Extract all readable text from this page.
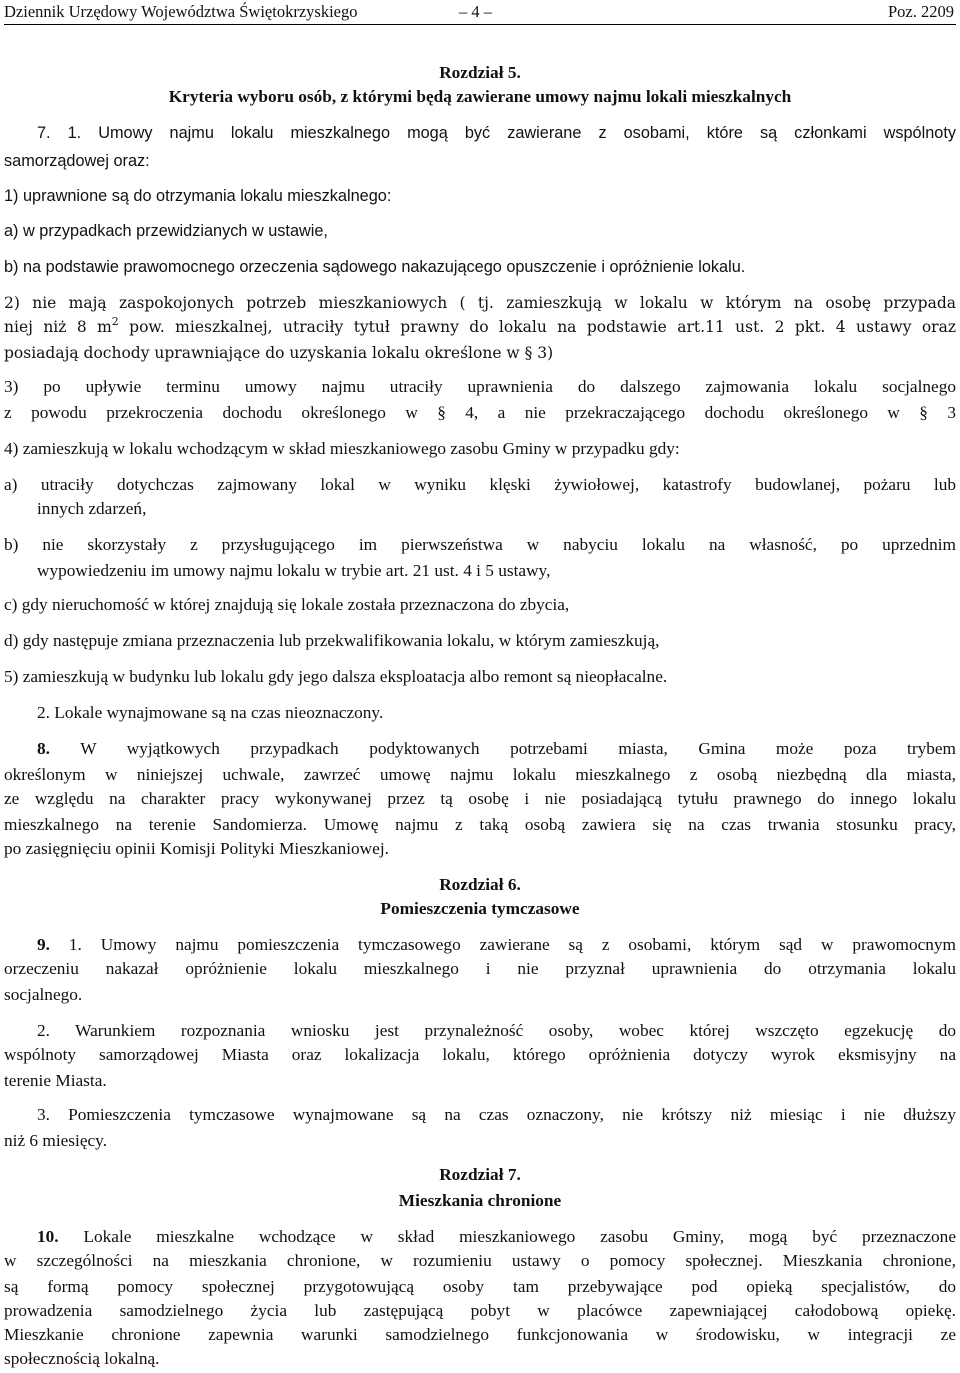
Dziennik Urzędowy Województwa Świętokrzyskiego	– 4 –	Poz. 2209
Rozdział 5.
Kryteria wyboru osób, z którymi będą zawierane umowy najmu lokali mieszkalnych
7. 1. Umowy najmu lokalu mieszkalnego mogą być zawierane z osobami, które są członkami wspólnoty
samorządowej oraz:
1) uprawnione są do otrzymania lokalu mieszkalnego:
a) w przypadkach przewidzianych w ustawie,
b) na podstawie prawomocnego orzeczenia sądowego nakazującego opuszczenie i opróżnienie lokalu.
2) nie mają zaspokojonych potrzeb mieszkaniowych ( tj. zamieszkują w lokalu w którym na osobę przypada
niej niż 8 $m^2$ pow. mieszkalnej, utraciły tytuł prawny do lokalu na podstawie art.11 ust. 2 pkt. 4 ustawy oraz
posiadają dochody uprawniające do uzyskania lokalu określone w § 3)
3) po upływie terminu umowy najmu utraciły uprawnienia do dalszego zajmowania lokalu socjalnego
z powodu przekroczenia dochodu określonego w § 4, a nie przekraczającego dochodu określonego w § 3
4) zamieszkują w lokalu wchodzącym w skład mieszkaniowego zasobu Gminy w przypadku gdy:
a) utraciły dotychczas zajmowany lokal w wyniku klęski żywiołowej, katastrofy budowlanej, pożaru lub
innych zdarzeń,
b) nie skorzystały z przysługującego im pierwszeństwa w nabyciu lokalu na własność, po uprzednim
wypowiedzeniu im umowy najmu lokalu w trybie art. 21 ust. 4 i 5 ustawy,
c) gdy nieruchomość w której znajdują się lokale została przeznaczona do zbycia,
d) gdy następuje zmiana przeznaczenia lub przekwalifikowania lokalu, w którym zamieszkują,
5) zamieszkują w budynku lub lokalu gdy jego dalsza eksploatacja albo remont są nieopłacalne.
2. Lokale wynajmowane są na czas nieoznaczony.
8. W wyjątkowych przypadkach podyktowanych potrzebami miasta, Gmina może poza trybem
określonym w niniejszej uchwale, zawrzeć umowę najmu lokalu mieszkalnego z osobą niezbędną dla miasta,
ze względu na charakter pracy wykonywanej przez tą osobę i nie posiadającą tytułu prawnego do innego lokalu
mieszkalnego na terenie Sandomierza. Umowę najmu z taką osobą zawiera się na czas trwania stosunku pracy,
po zasięgnięciu opinii Komisji Polityki Mieszkaniowej.
Rozdział 6.
Pomieszczenia tymczasowe
9. 1. Umowy najmu pomieszczenia tymczasowego zawierane są z osobami, którym sąd w prawomocnym
orzeczeniu nakazał opróżnienie lokalu mieszkalnego i nie przyznał uprawnienia do otrzymania lokalu
socjalnego.
2. Warunkiem rozpoznania wniosku jest przynależność osoby, wobec której wszczęto egzekucję do
wspólnoty samorządowej Miasta oraz lokalizacja lokalu, którego opróżnienia dotyczy wyrok eksmisyjny na
terenie Miasta.
3. Pomieszczenia tymczasowe wynajmowane są na czas oznaczony, nie krótszy niż miesiąc i nie dłuższy
niż 6 miesięcy.
Rozdział 7.
Mieszkania chronione
10. Lokale mieszkalne wchodzące w skład mieszkaniowego zasobu Gminy, mogą być przeznaczone
w szczególności na mieszkania chronione, w rozumieniu ustawy o pomocy społecznej. Mieszkania chronione,
są formą pomocy społecznej przygotowującą osoby tam przebywające pod opieką specjalistów, do
prowadzenia samodzielnego życia lub zastępującą pobyt w placówce zapewniającej całodobową opiekę.
Mieszkanie chronione zapewnia warunki samodzielnego funkcjonowania w środowisku, w integracji ze
społecznością lokalną.
